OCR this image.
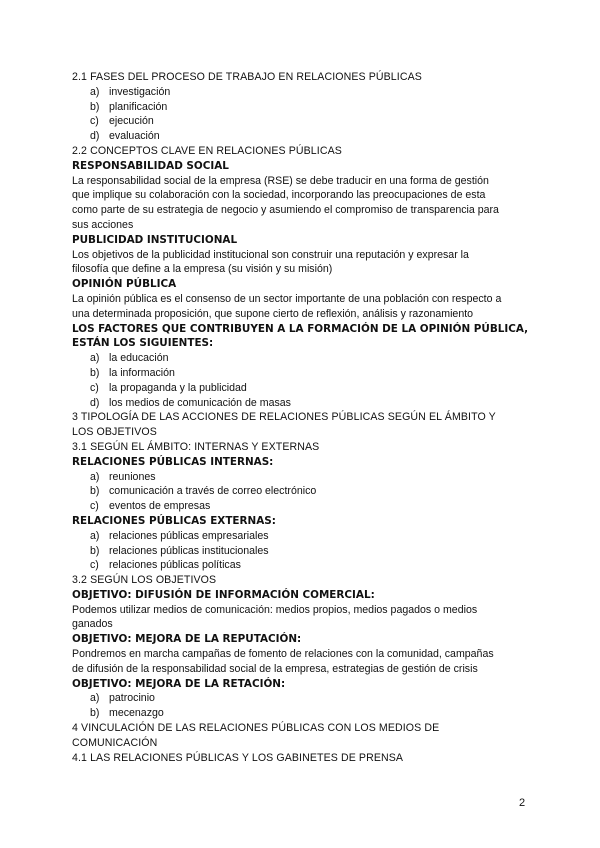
2.1 FASES DEL PROCESO DE TRABAJO EN RELACIONES PÚBLICAS
a) investigación
b) planificación
c) ejecución
d) evaluación
2.2 CONCEPTOS CLAVE EN RELACIONES PÚBLICAS
RESPONSABILIDAD SOCIAL
La responsabilidad social de la empresa (RSE) se debe traducir en una forma de gestión
que implique su colaboración con la sociedad, incorporando las preocupaciones de esta
como parte de su estrategia de negocio y asumiendo el compromiso de transparencia para
sus acciones
PUBLICIDAD INSTITUCIONAL
Los objetivos de la publicidad institucional son construir una reputación y expresar la
filosofía que define a la empresa (su visión y su misión)
OPINIÓN PÚBLICA
La opinión pública es el consenso de un sector importante de una población con respecto a
una determinada proposición, que supone cierto de reflexión, análisis y razonamiento
LOS FACTORES QUE CONTRIBUYEN A LA FORMACIÓN DE LA OPINIÓN PÚBLICA,
ESTÁN LOS SIGUIENTES:
a) la educación
b) la información
c) la propaganda y la publicidad
d) los medios de comunicación de masas
3 TIPOLOGÍA DE LAS ACCIONES DE RELACIONES PÚBLICAS SEGÚN EL ÁMBITO Y
LOS OBJETIVOS
3.1 SEGÚN EL ÁMBITO: INTERNAS Y EXTERNAS
RELACIONES PÚBLICAS INTERNAS:
a) reuniones
b) comunicación a través de correo electrónico
c) eventos de empresas
RELACIONES PÚBLICAS EXTERNAS:
a) relaciones públicas empresariales
b) relaciones públicas institucionales
c) relaciones públicas políticas
3.2 SEGÚN LOS OBJETIVOS
OBJETIVO: DIFUSIÓN DE INFORMACIÓN COMERCIAL:
Podemos utilizar medios de comunicación: medios propios, medios pagados o medios
ganados
OBJETIVO: MEJORA DE LA REPUTACIÓN:
Pondremos en marcha campañas de fomento de relaciones con la comunidad, campañas
de difusión de la responsabilidad social de la empresa, estrategias de gestión de crisis
OBJETIVO: MEJORA DE LA RETACIÓN:
a) patrocinio
b) mecenazgo
4 VINCULACIÓN DE LAS RELACIONES PÚBLICAS CON LOS MEDIOS DE
COMUNICACIÓN
4.1 LAS RELACIONES PÚBLICAS Y LOS GABINETES DE PRENSA
2
